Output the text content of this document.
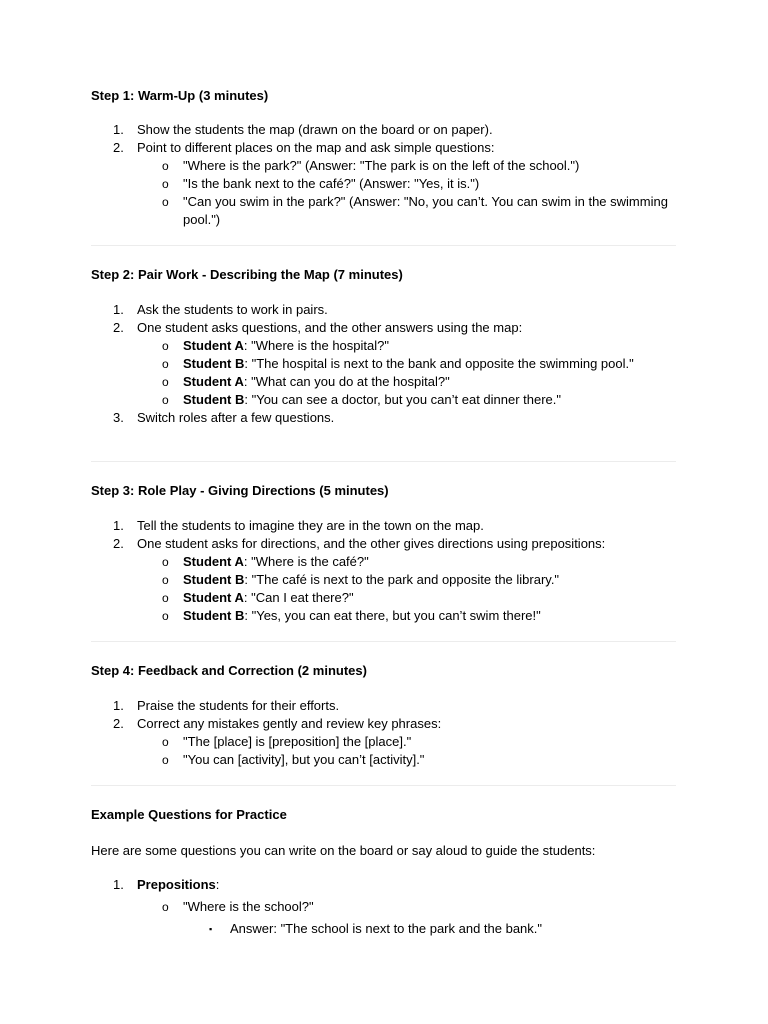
Step 1: Warm-Up (3 minutes)

1. Show the students the map (drawn on the board or on paper).
2. Point to different places on the map and ask simple questions:
o "Where is the park?" (Answer: "The park is on the left of the school.")
o "Is the bank next to the café?" (Answer: "Yes, it is.")
o "Can you swim in the park?" (Answer: "No, you can’t. You can swim in the swimming pool.")

Step 2: Pair Work - Describing the Map (7 minutes)

1. Ask the students to work in pairs.
2. One student asks questions, and the other answers using the map:
o Student A: "Where is the hospital?"
o Student B: "The hospital is next to the bank and opposite the swimming pool."
o Student A: "What can you do at the hospital?"
o Student B: "You can see a doctor, but you can’t eat dinner there."
3. Switch roles after a few questions.

Step 3: Role Play - Giving Directions (5 minutes)

1. Tell the students to imagine they are in the town on the map.
2. One student asks for directions, and the other gives directions using prepositions:
o Student A: "Where is the café?"
o Student B: "The café is next to the park and opposite the library."
o Student A: "Can I eat there?"
o Student B: "Yes, you can eat there, but you can’t swim there!"

Step 4: Feedback and Correction (2 minutes)

1. Praise the students for their efforts.
2. Correct any mistakes gently and review key phrases:
o "The [place] is [preposition] the [place]."
o "You can [activity], but you can’t [activity]."

Example Questions for Practice

Here are some questions you can write on the board or say aloud to guide the students:

1. Prepositions:
o "Where is the school?"
▪ Answer: "The school is next to the park and the bank."
